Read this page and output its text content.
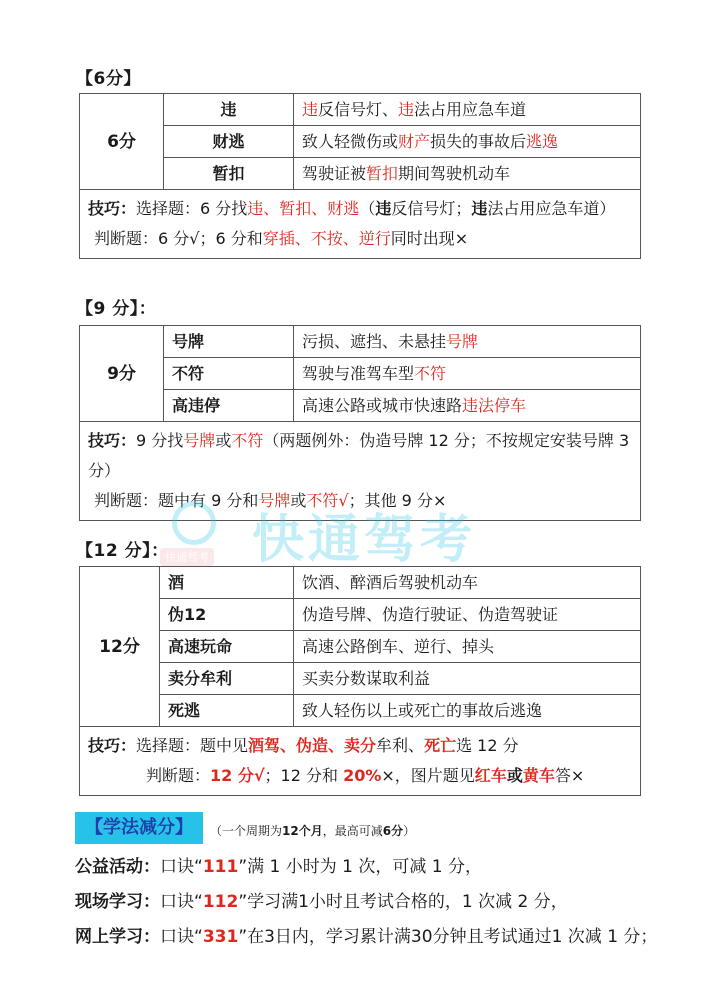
【6分】
6分	违	违反信号灯、违法占用应急车道
	财逃	致人轻微伤或财产损失的事故后逃逸
	暂扣	驾驶证被暂扣期间驾驶机动车

技巧：选择题：6 分找违、暂扣、财逃（违反信号灯；违法占用应急车道）
判断题：6 分√；6 分和穿插、不按、逆行同时出现×		
【9 分】：
9分	号牌	污损、遮挡、未悬挂号牌
	不符	驾驶与准驾车型不符
	高违停	高速公路或城市快速路违法停车

技巧：9 分找号牌或不符（两题例外：伪造号牌 12 分；不按规定安装号牌 3 分）
判断题：题中有 9 分和号牌或不符√；其他 9 分×		
快通驾考
快通驾考
【12 分】：
12分	酒	饮酒、醉酒后驾驶机动车
	伪12	伪造号牌、伪造行驶证、伪造驾驶证
	高速玩命	高速公路倒车、逆行、掉头
	卖分牟利	买卖分数谋取利益
	死逃	致人轻伤以上或死亡的事故后逃逸

技巧：选择题：题中见酒驾、伪造、卖分牟利、死亡选 12 分
判断题：12 分√；12 分和 20%×，图片题见红车或黄车答×		
【学法减分】	（一个周期为12个月，最高可减6分）
公益活动：口诀“111”满 1 小时为 1 次，可减 1 分，
现场学习：口诀“112”学习满1小时且考试合格的，1 次减 2 分，
网上学习：口诀“331”在3日内，学习累计满30分钟且考试通过1 次减 1 分；
